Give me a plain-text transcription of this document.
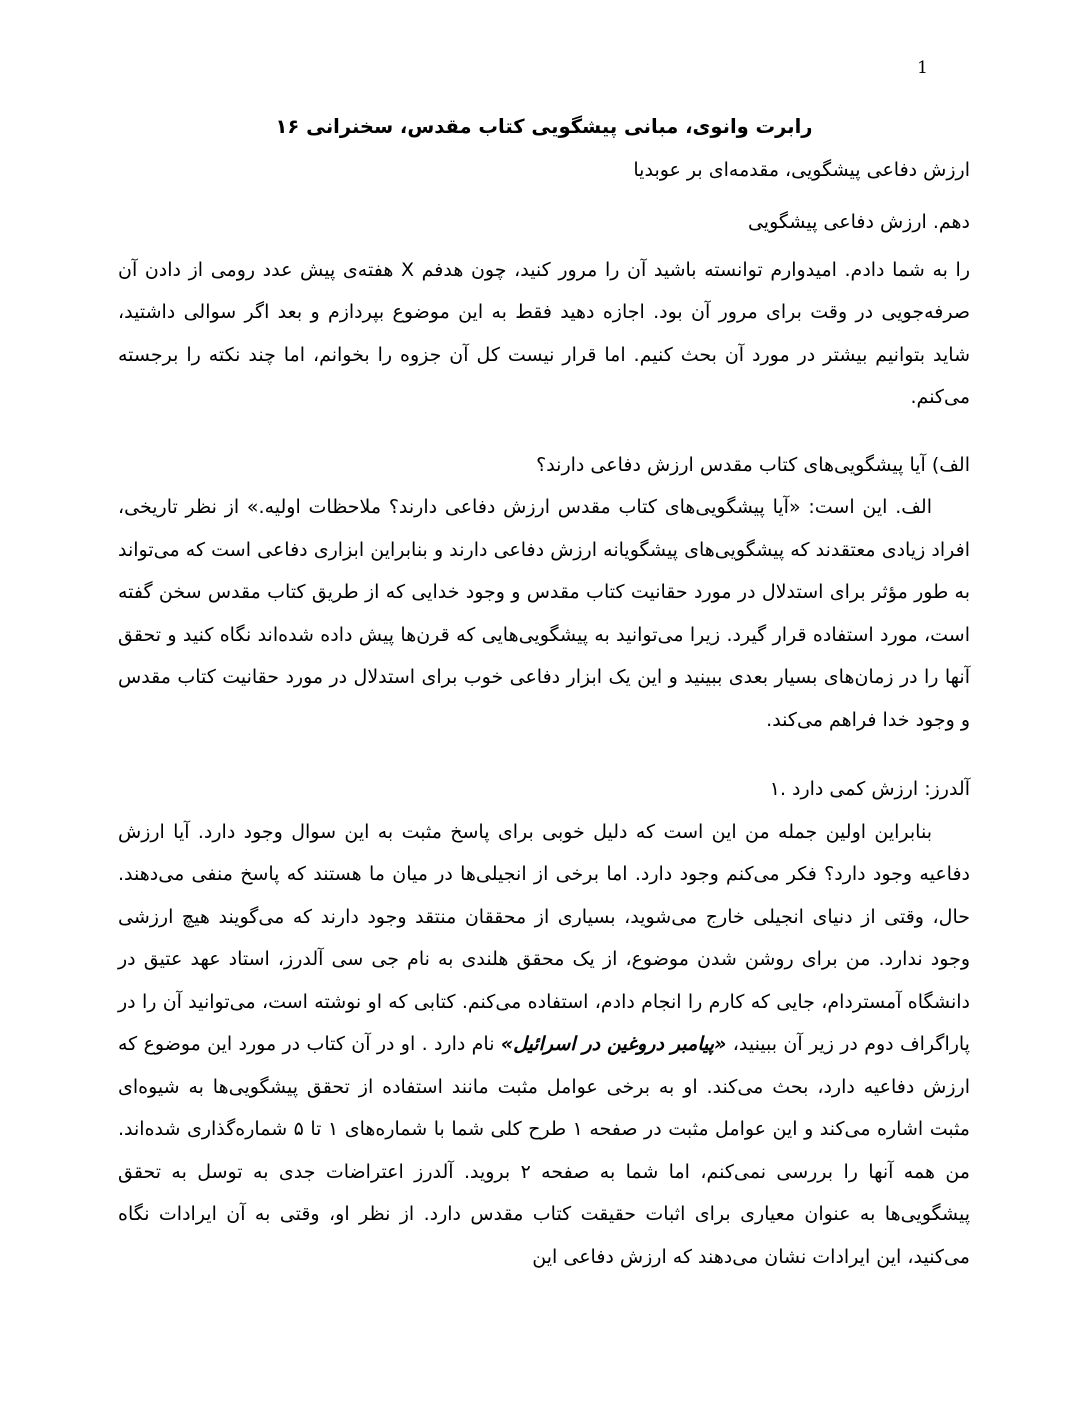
1
رابرت وانوی، مبانی پیشگویی کتاب مقدس، سخنرانی ۱۶

ارزش دفاعی پیشگویی، مقدمه‌ای بر عوبدیا

دهم. ارزش دفاعی پیشگویی

را به شما دادم. امیدوارم توانسته باشید آن را مرور کنید، چون هدفم X هفته‌ی پیش عدد رومی از دادن آن صرفه‌جویی در وقت برای مرور آن بود. اجازه دهید فقط به این موضوع بپردازم و بعد اگر سوالی داشتید، شاید بتوانیم بیشتر در مورد آن بحث کنیم. اما قرار نیست کل آن جزوه را بخوانم، اما چند نکته را برجسته می‌کنم.

الف) آیا پیشگویی‌های کتاب مقدس ارزش دفاعی دارند؟

الف. این است: «آیا پیشگویی‌های کتاب مقدس ارزش دفاعی دارند؟ ملاحظات اولیه.» از نظر تاریخی، افراد زیادی معتقدند که پیشگویی‌های پیشگویانه ارزش دفاعی دارند و بنابراین ابزاری دفاعی است که می‌تواند به طور مؤثر برای استدلال در مورد حقانیت کتاب مقدس و وجود خدایی که از طریق کتاب مقدس سخن گفته است، مورد استفاده قرار گیرد. زیرا می‌توانید به پیشگویی‌هایی که قرن‌ها پیش داده شده‌اند نگاه کنید و تحقق آنها را در زمان‌های بسیار بعدی ببینید و این یک ابزار دفاعی خوب برای استدلال در مورد حقانیت کتاب مقدس و وجود خدا فراهم می‌کند.

آلدرز: ارزش کمی دارد .۱

بنابراین اولین جمله من این است که دلیل خوبی برای پاسخ مثبت به این سوال وجود دارد. آیا ارزش دفاعیه وجود دارد؟ فکر می‌کنم وجود دارد. اما برخی از انجیلی‌ها در میان ما هستند که پاسخ منفی می‌دهند. حال، وقتی از دنیای انجیلی خارج می‌شوید، بسیاری از محققان منتقد وجود دارند که می‌گویند هیچ ارزشی وجود ندارد. من برای روشن شدن موضوع، از یک محقق هلندی به نام جی سی آلدرز، استاد عهد عتیق در دانشگاه آمستردام، جایی که کارم را انجام دادم، استفاده می‌کنم. کتابی که او نوشته است، می‌توانید آن را در پاراگراف دوم در زیر آن ببینید، «پیامبر دروغین در اسرائیل» نام دارد . او در آن کتاب در مورد این موضوع که ارزش دفاعیه دارد، بحث می‌کند. او به برخی عوامل مثبت مانند استفاده از تحقق پیشگویی‌ها به شیوه‌ای مثبت اشاره می‌کند و این عوامل مثبت در صفحه ۱ طرح کلی شما با شماره‌های ۱ تا ۵ شماره‌گذاری شده‌اند. من همه آنها را بررسی نمی‌کنم، اما شما به صفحه ۲ بروید. آلدرز اعتراضات جدی به توسل به تحقق پیشگویی‌ها به عنوان معیاری برای اثبات حقیقت کتاب مقدس دارد. از نظر او، وقتی به آن ایرادات نگاه می‌کنید، این ایرادات نشان می‌دهند که ارزش دفاعی این
